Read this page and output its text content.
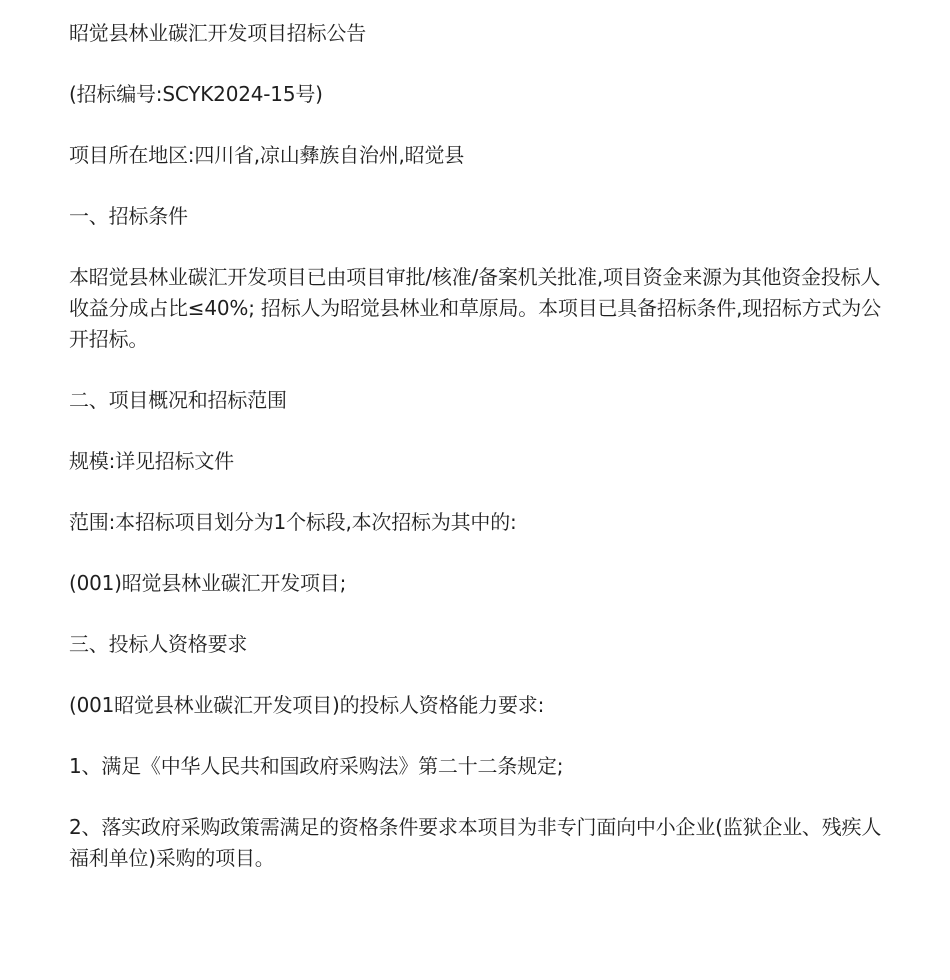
昭觉县林业碳汇开发项目招标公告

(招标编号:SCYK2024-15号)

项目所在地区:四川省,凉山彝族自治州,昭觉县

一、招标条件

本昭觉县林业碳汇开发项目已由项目审批/核准/备案机关批准,项目资金来源为其他资金投标人收益分成占比≤40%; 招标人为昭觉县林业和草原局。本项目已具备招标条件,现招标方式为公开招标。

二、项目概况和招标范围

规模:详见招标文件

范围:本招标项目划分为1个标段,本次招标为其中的:

(001)昭觉县林业碳汇开发项目;

三、投标人资格要求

(001昭觉县林业碳汇开发项目)的投标人资格能力要求:

1、满足《中华人民共和国政府采购法》第二十二条规定;

2、落实政府采购政策需满足的资格条件要求本项目为非专门面向中小企业(监狱企业、残疾人福利单位)采购的项目。
